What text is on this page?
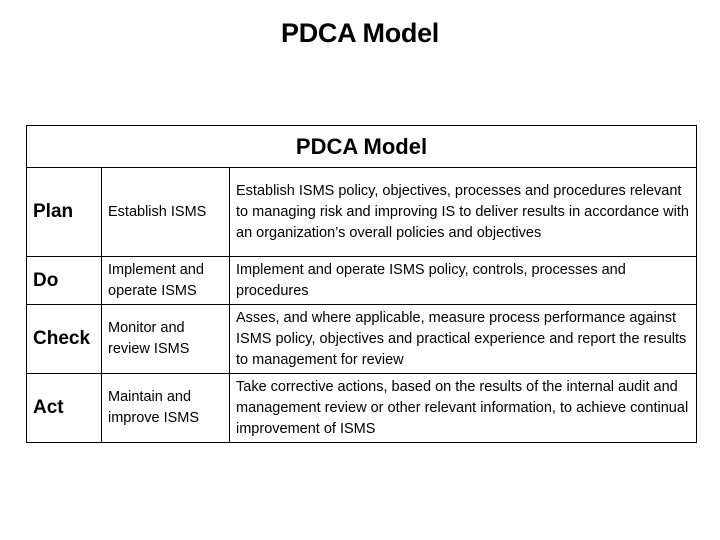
PDCA Model
PDCA Model		
Plan	Establish ISMS	Establish ISMS policy, objectives, processes and procedures relevant to managing risk and improving IS to deliver results in accordance with an organization’s overall policies and objectives
Do	Implement and operate ISMS	Implement and operate ISMS policy, controls, processes and procedures
Check	Monitor and review ISMS	Asses, and where applicable, measure process performance against ISMS policy, objectives and practical experience and report the results to management for review
Act	Maintain and improve ISMS	Take corrective actions, based on the results of the internal audit and management review or other relevant information, to achieve continual improvement of ISMS
